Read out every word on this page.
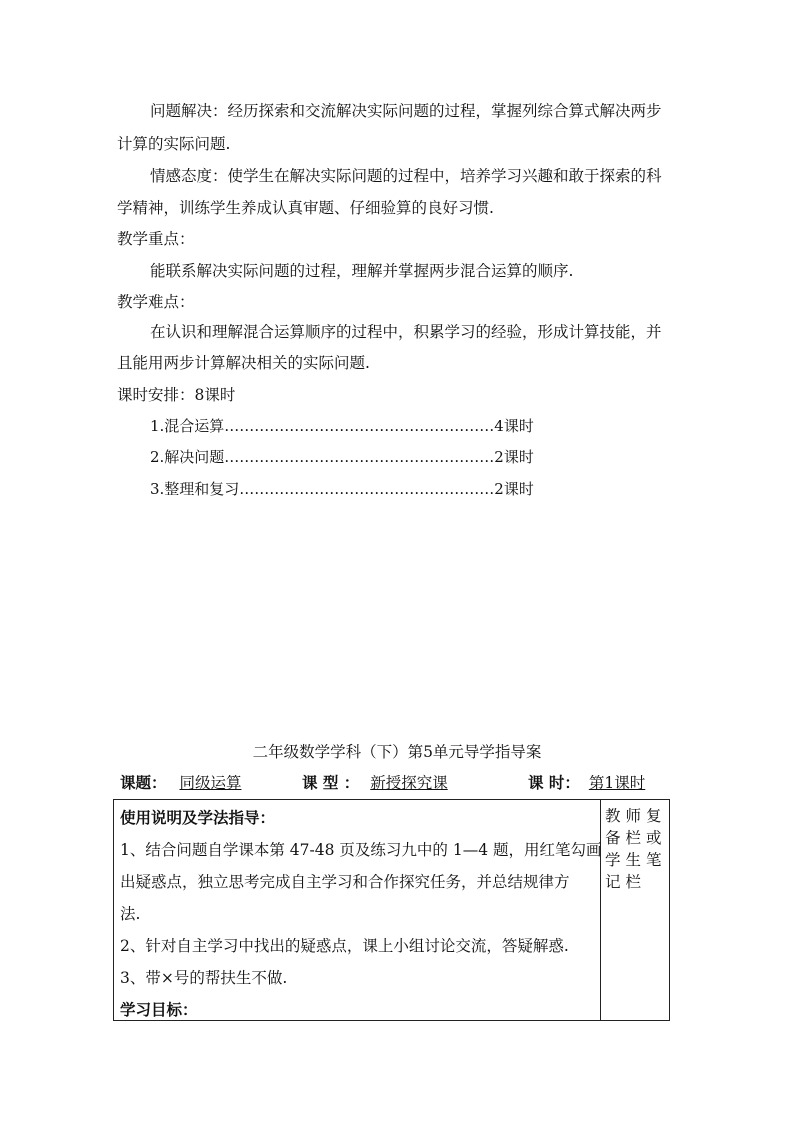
问题解决：经历探索和交流解决实际问题的过程，掌握列综合算式解决两步
计算的实际问题.
情感态度：使学生在解决实际问题的过程中，培养学习兴趣和敢于探索的科
学精神，训练学生养成认真审题、仔细验算的良好习惯.
教学重点：
能联系解决实际问题的过程，理解并掌握两步混合运算的顺序.
教学难点：
在认识和理解混合运算顺序的过程中，积累学习的经验，形成计算技能，并
且能用两步计算解决相关的实际问题.
课时安排：8课时
1.混合运算………………………………………………4课时
2.解决问题………………………………………………2课时
3.整理和复习……………………………………………2课时
二年级数学学科（下）第5单元导学指导案
课题： 同级运算	课 型 ： 新授探究课	课 时： 第1课时
使用说明及学法指导：
1、结合问题自学课本第 47-48 页及练习九中的 1—4 题，用红笔勾画
出疑惑点，独立思考完成自主学习和合作探究任务，并总结规律方
法.
2、针对自主学习中找出的疑惑点，课上小组讨论交流，答疑解惑.
3、带×号的帮扶生不做.
学习目标：
教师复备栏或学生笔记栏
